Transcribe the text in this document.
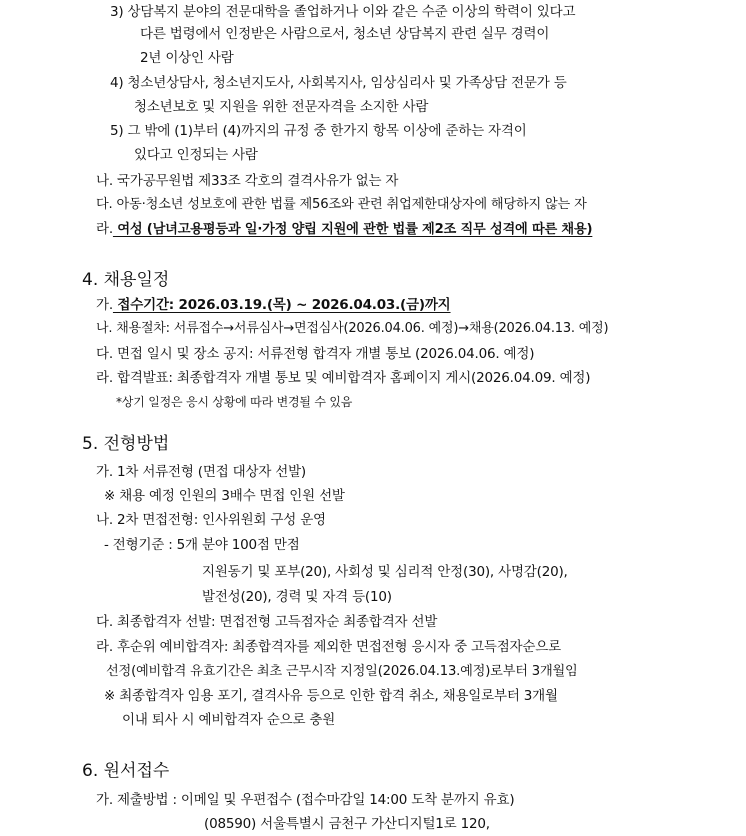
3) 상담복지 분야의 전문대학을 졸업하거나 이와 같은 수준 이상의 학력이 있다고
다른 법령에서 인정받은 사람으로서, 청소년 상담복지 관련 실무 경력이
2년 이상인 사람
4) 청소년상담사, 청소년지도사, 사회복지사, 임상심리사 및 가족상담 전문가 등
청소년보호 및 지원을 위한 전문자격을 소지한 사람
5) 그 밖에 (1)부터 (4)까지의 규정 중 한가지 항목 이상에 준하는 자격이
있다고 인정되는 사람
나. 국가공무원법 제33조 각호의 결격사유가 없는 자
다. 아동·청소년 성보호에 관한 법률 제56조와 관련 취업제한대상자에 해당하지 않는 자
라. 여성 (남녀고용평등과 일·가정 양립 지원에 관한 법률 제2조 직무 성격에 따른 채용)
4. 채용일정
가. 접수기간: 2026.03.19.(목) ~ 2026.04.03.(금)까지
나. 채용절차: 서류접수→서류심사→면접심사(2026.04.06. 예정)→채용(2026.04.13. 예정)
다. 면접 일시 및 장소 공지: 서류전형 합격자 개별 통보 (2026.04.06. 예정)
라. 합격발표: 최종합격자 개별 통보 및 예비합격자 홈페이지 게시(2026.04.09. 예정)
*상기 일정은 응시 상황에 따라 변경될 수 있음
5. 전형방법
가. 1차 서류전형 (면접 대상자 선발)
※ 채용 예정 인원의 3배수 면접 인원 선발
나. 2차 면접전형: 인사위원회 구성 운영
- 전형기준 : 5개 분야 100점 만점
지원동기 및 포부(20), 사회성 및 심리적 안정(30), 사명감(20),
발전성(20), 경력 및 자격 등(10)
다. 최종합격자 선발: 면접전형 고득점자순 최종합격자 선발
라. 후순위 예비합격자: 최종합격자를 제외한 면접전형 응시자 중 고득점자순으로
선정(예비합격 유효기간은 최초 근무시작 지정일(2026.04.13.예정)로부터 3개월임
※ 최종합격자 임용 포기, 결격사유 등으로 인한 합격 취소, 채용일로부터 3개월
이내 퇴사 시 예비합격자 순으로 충원
6. 원서접수
가. 제출방법 : 이메일 및 우편접수 (접수마감일 14:00 도착 분까지 유효)
(08590) 서울특별시 금천구 가산디지털1로 120,
